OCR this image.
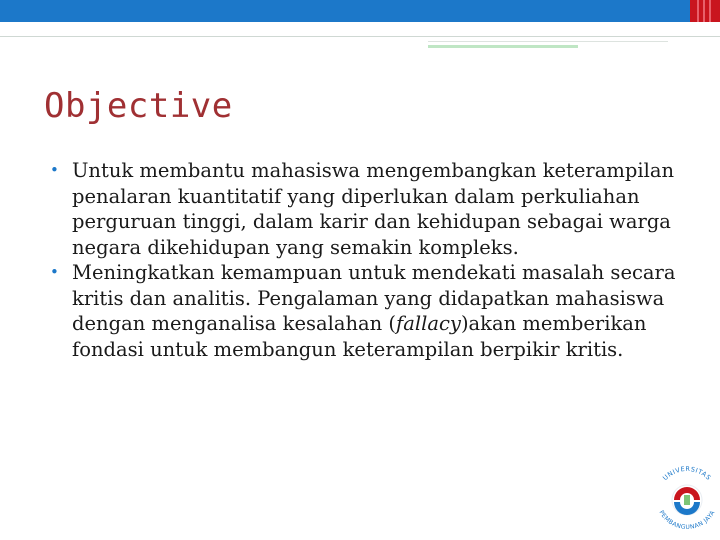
Objective
• Untuk membantu mahasiswa mengembangkan keterampilan penalaran kuantitatif yang diperlukan dalam perkuliahan perguruan tinggi, dalam karir dan kehidupan sebagai warga negara dikehidupan yang semakin kompleks.
• Meningkatkan kemampuan untuk mendekati masalah secara kritis dan analitis. Pengalaman yang didapatkan mahasiswa dengan menganalisa kesalahan (fallacy)akan memberikan fondasi untuk membangun keterampilan berpikir kritis.
UNIVERSITAS
PEMBANGUNAN JAYA
